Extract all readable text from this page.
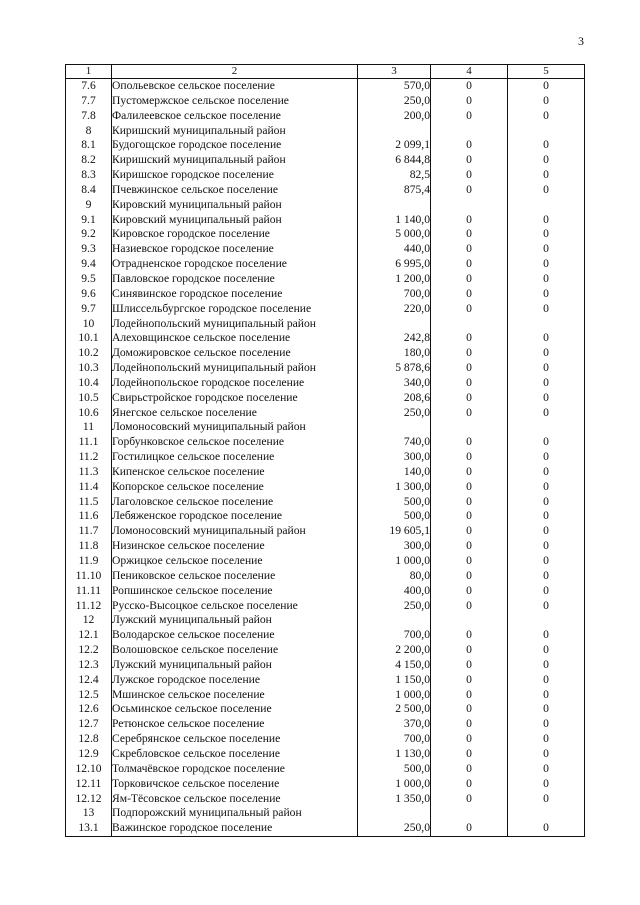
3
1	2	3	4	5
7.6	Опольевское сельское поселение	570,0	0	0
7.7	Пустомержское сельское поселение	250,0	0	0
7.8	Фалилеевское сельское поселение	200,0	0	0
8	Киришский муниципальный район			
8.1	Будогощское городское поселение	2 099,1	0	0
8.2	Киришский муниципальный район	6 844,8	0	0
8.3	Киришское городское поселение	82,5	0	0
8.4	Пчевжинское сельское поселение	875,4	0	0
9	Кировский муниципальный район			
9.1	Кировский муниципальный район	1 140,0	0	0
9.2	Кировское городское поселение	5 000,0	0	0
9.3	Назиевское городское поселение	440,0	0	0
9.4	Отрадненское городское поселение	6 995,0	0	0
9.5	Павловское городское поселение	1 200,0	0	0
9.6	Синявинское городское поселение	700,0	0	0
9.7	Шлиссельбургское городское поселение	220,0	0	0
10	Лодейнопольский муниципальный район			
10.1	Алеховщинское сельское поселение	242,8	0	0
10.2	Доможировское сельское поселение	180,0	0	0
10.3	Лодейнопольский муниципальный район	5 878,6	0	0
10.4	Лодейнопольское городское поселение	340,0	0	0
10.5	Свирьстройское городское поселение	208,6	0	0
10.6	Янегское сельское поселение	250,0	0	0
11	Ломоносовский муниципальный район			
11.1	Горбунковское сельское поселение	740,0	0	0
11.2	Гостилицкое сельское поселение	300,0	0	0
11.3	Кипенское сельское поселение	140,0	0	0
11.4	Копорское сельское поселение	1 300,0	0	0
11.5	Лаголовское сельское поселение	500,0	0	0
11.6	Лебяженское городское поселение	500,0	0	0
11.7	Ломоносовский муниципальный район	19 605,1	0	0
11.8	Низинское сельское поселение	300,0	0	0
11.9	Оржицкое сельское поселение	1 000,0	0	0
11.10	Пениковское сельское поселение	80,0	0	0
11.11	Ропшинское сельское поселение	400,0	0	0
11.12	Русско-Высоцкое сельское поселение	250,0	0	0
12	Лужский муниципальный район			
12.1	Володарское сельское поселение	700,0	0	0
12.2	Волошовское сельское поселение	2 200,0	0	0
12.3	Лужский муниципальный район	4 150,0	0	0
12.4	Лужское городское поселение	1 150,0	0	0
12.5	Мшинское сельское поселение	1 000,0	0	0
12.6	Осьминское сельское поселение	2 500,0	0	0
12.7	Ретюнское сельское поселение	370,0	0	0
12.8	Серебрянское сельское поселение	700,0	0	0
12.9	Скребловское сельское поселение	1 130,0	0	0
12.10	Толмачёвское городское поселение	500,0	0	0
12.11	Торковичское сельское поселение	1 000,0	0	0
12.12	Ям-Тёсовское сельское поселение	1 350,0	0	0
13	Подпорожский муниципальный район			
13.1	Важинское городское поселение	250,0	0	0
